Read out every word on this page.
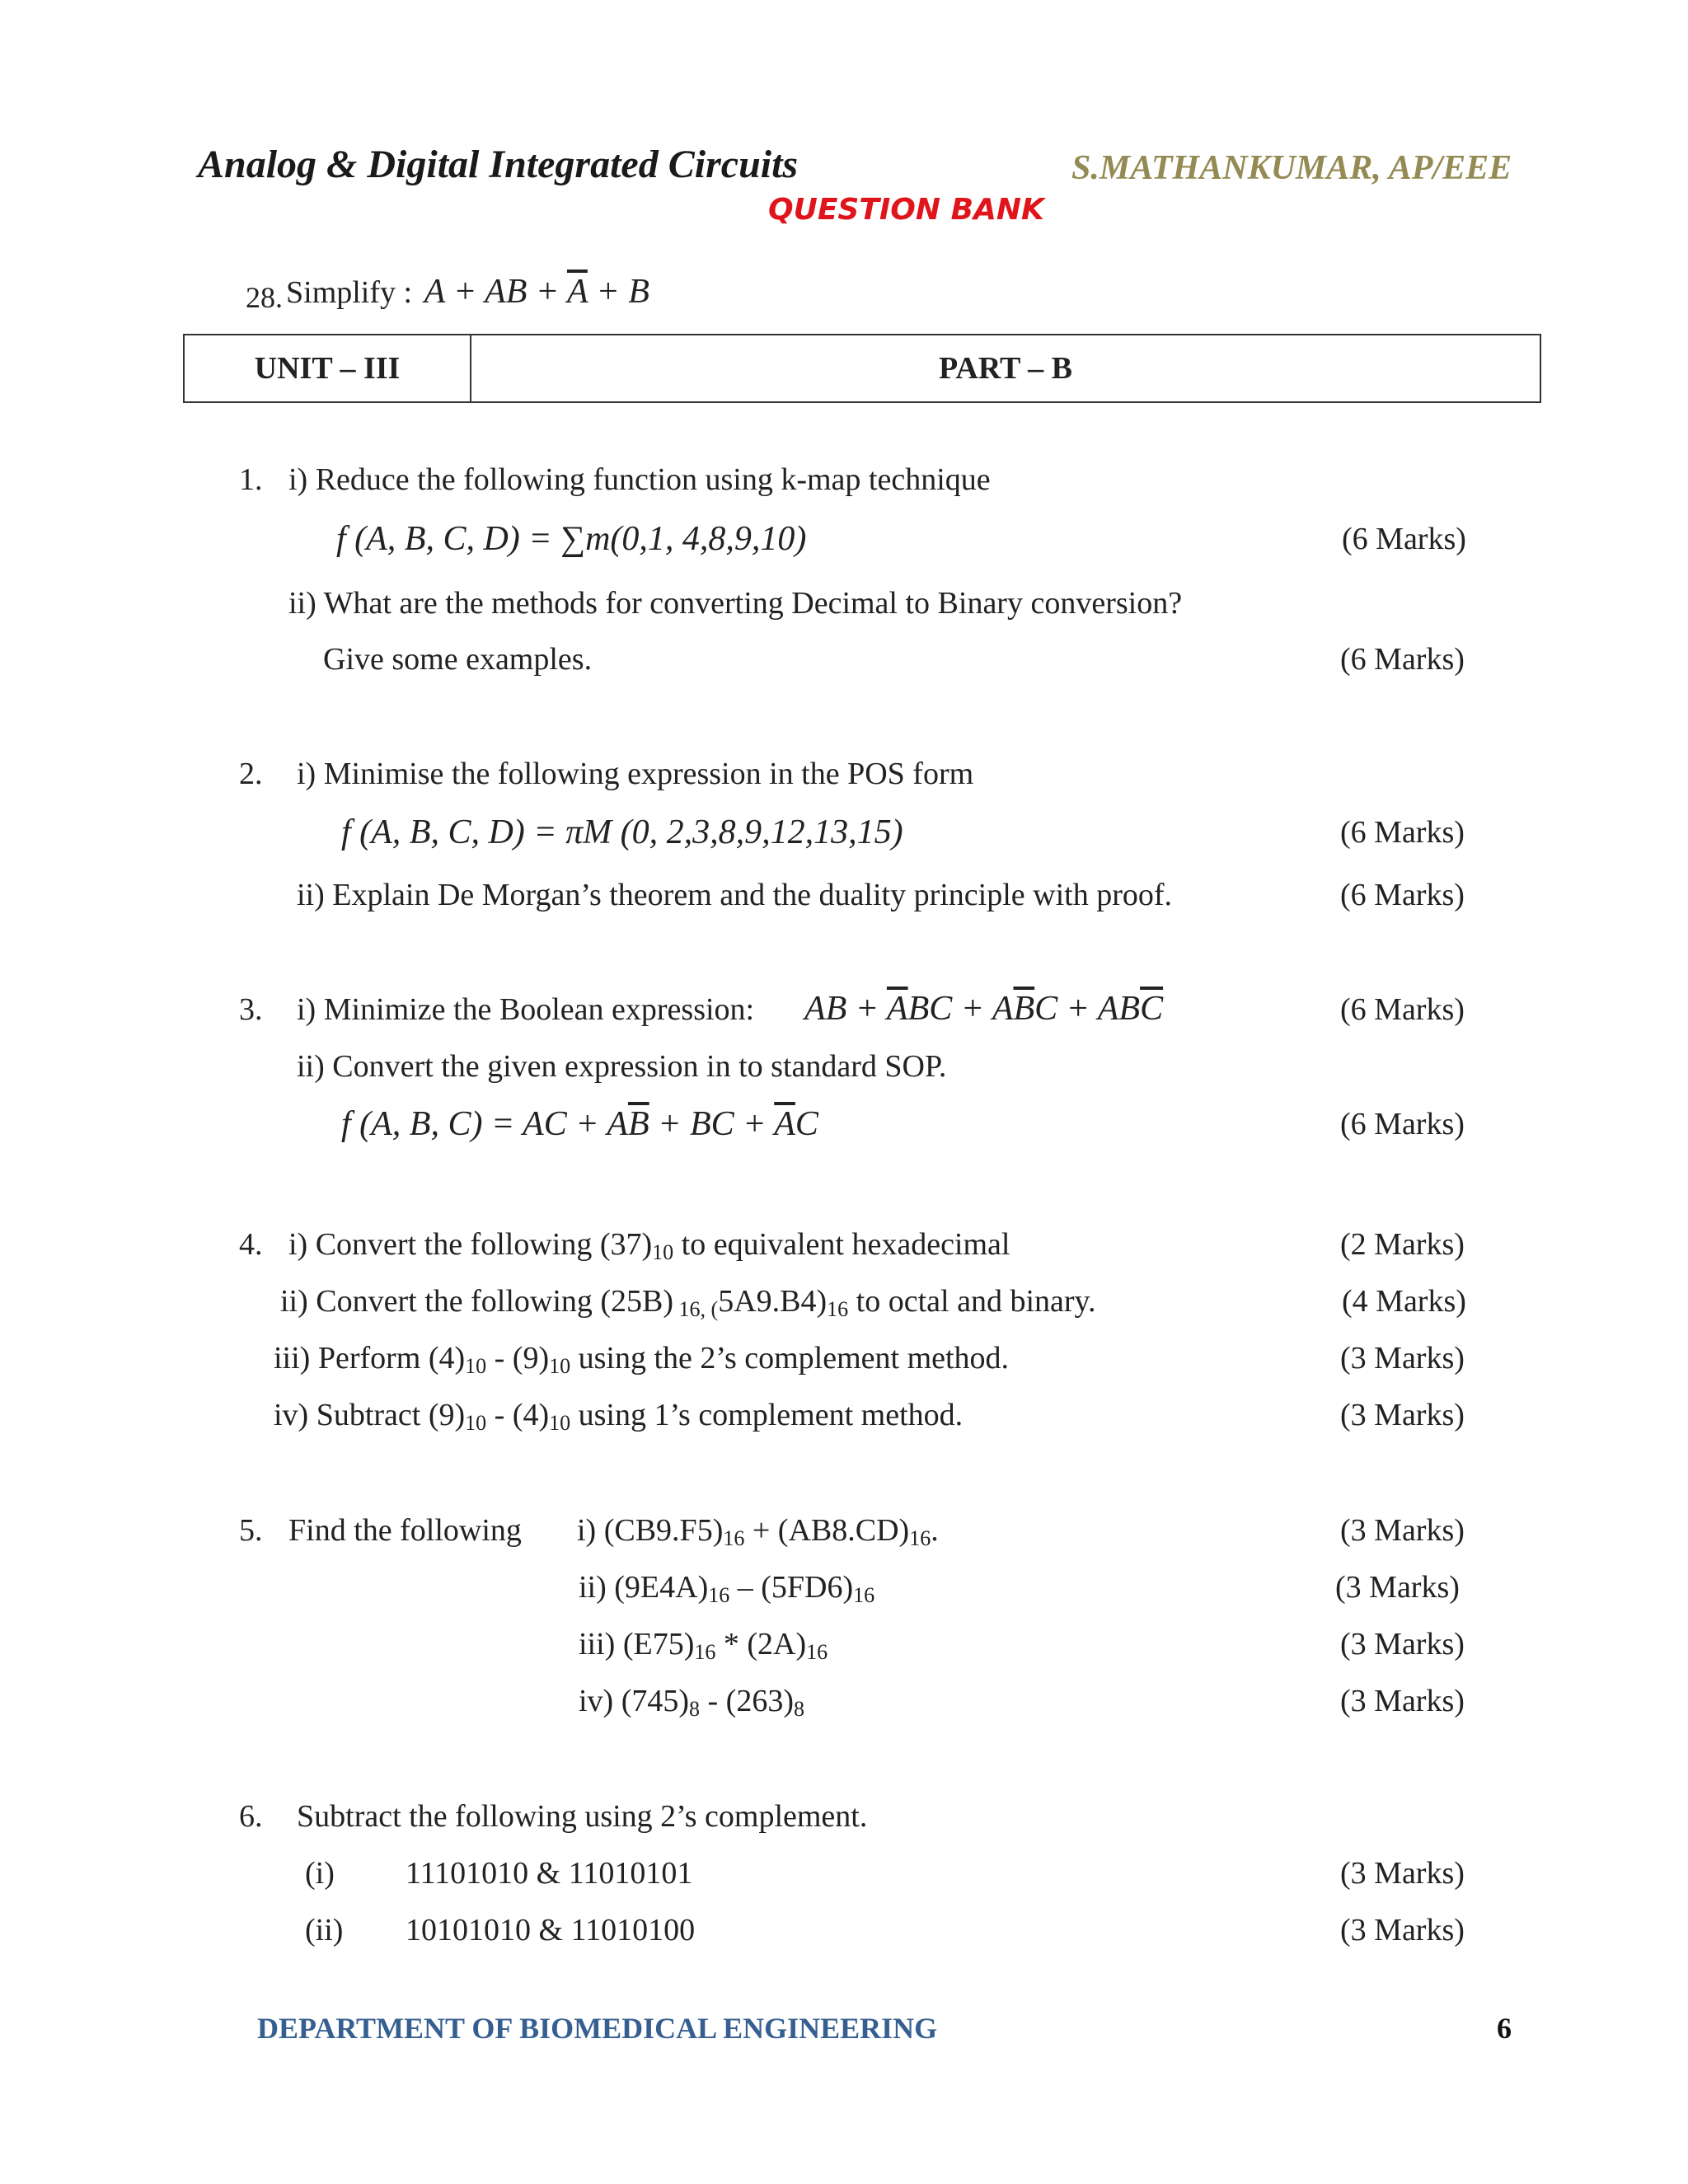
Analog & Digital Integrated Circuits	S.MATHANKUMAR, AP/EEE
QUESTION BANK
28. Simplify :  A + AB + $\overline{A} + B$
UNIT – III	PART – B
1. i) Reduce the following function using k-map technique
f (A, B, C, D) = ∑m(0,1, 4,8,9,10)	(6 Marks)
ii) What are the methods for converting Decimal to Binary conversion?
Give some examples.	(6 Marks)
2. i) Minimise the following expression in the POS form
f (A, B, C, D) = πM (0, 2,3,8,9,12,13,15)	(6 Marks)
ii) Explain De Morgan’s theorem and the duality principle with proof.	(6 Marks)
3. i) Minimize the Boolean expression: AB + $\overline{A}BC + A\overline{B}C + AB\overline{C}$	(6 Marks)
ii) Convert the given expression in to standard SOP.
f (A, B, C) = AC + $A\overline{B}$ + BC + $\overline{A}C$	(6 Marks)
4. i) Convert the following $(37)_{10}$ to equivalent hexadecimal	(2 Marks)
ii) Convert the following (25B) $_{16, (}5A9.B4)_{16}$ to octal and binary.	(4 Marks)
iii) Perform $(4)_{10} - (9)_{10}$ using the 2’s complement method.	(3 Marks)
iv) Subtract $(9)_{10} - (4)_{10}$ using 1’s complement method.	(3 Marks)
5. Find the following i) $(CB9.F5)_{16} + (AB8.CD)_{16}$.	(3 Marks)
ii) $(9E4A)_{16} - (5FD6)_{16}$	(3 Marks)
iii) $(E75)_{16} * (2A)_{16}$	(3 Marks)
iv) $(745)_8 - (263)_8$	(3 Marks)
6. Subtract the following using 2’s complement.
(i) 11101010 & 11010101	(3 Marks)
(ii) 10101010 & 11010100	(3 Marks)
DEPARTMENT OF BIOMEDICAL ENGINEERING	6
